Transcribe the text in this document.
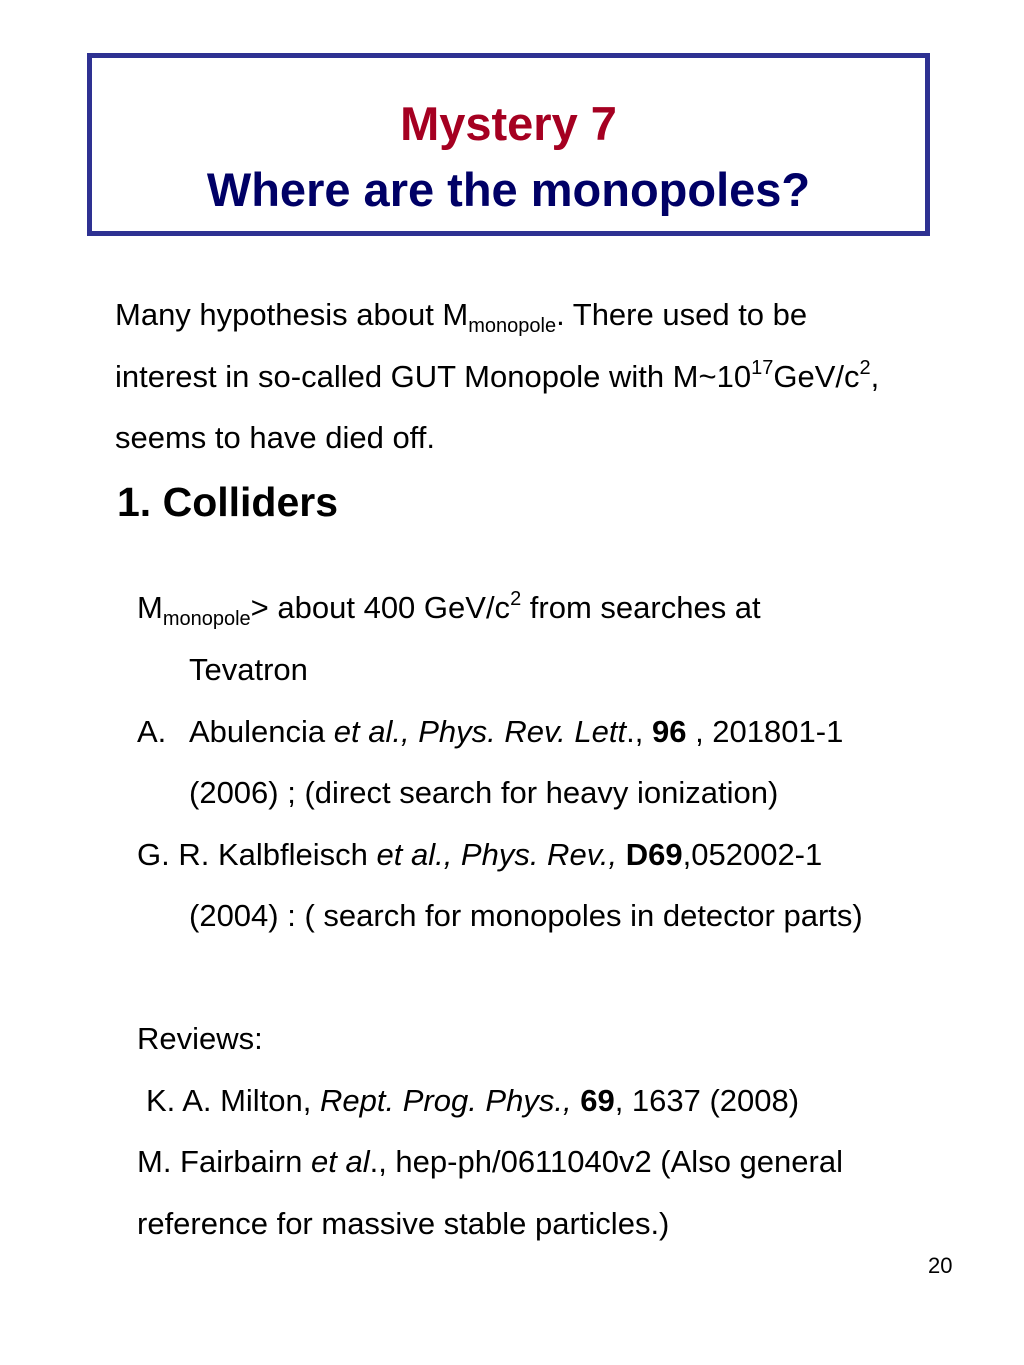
Mystery 7
Where are the monopoles?
Many hypothesis about $M_{monopole}$. There used to be
interest in so-called GUT Monopole with $M\sim 10^{17}GeV/c^2$,
seems to have died off.
1. Colliders
$M_{monopole}>$ about 400 GeV/$c^2$ from searches at
Tevatron
A. Abulencia et al., Phys. Rev. Lett., 96 , 201801-1
(2006) ; (direct search for heavy ionization)
G. R. Kalbfleisch et al., Phys. Rev., D69,052002-1
(2004) : ( search for monopoles in detector parts)
Reviews:
K. A. Milton, Rept. Prog. Phys., 69, 1637 (2008)
M. Fairbairn et al., hep-ph/0611040v2 (Also general
reference for massive stable particles.)
20
